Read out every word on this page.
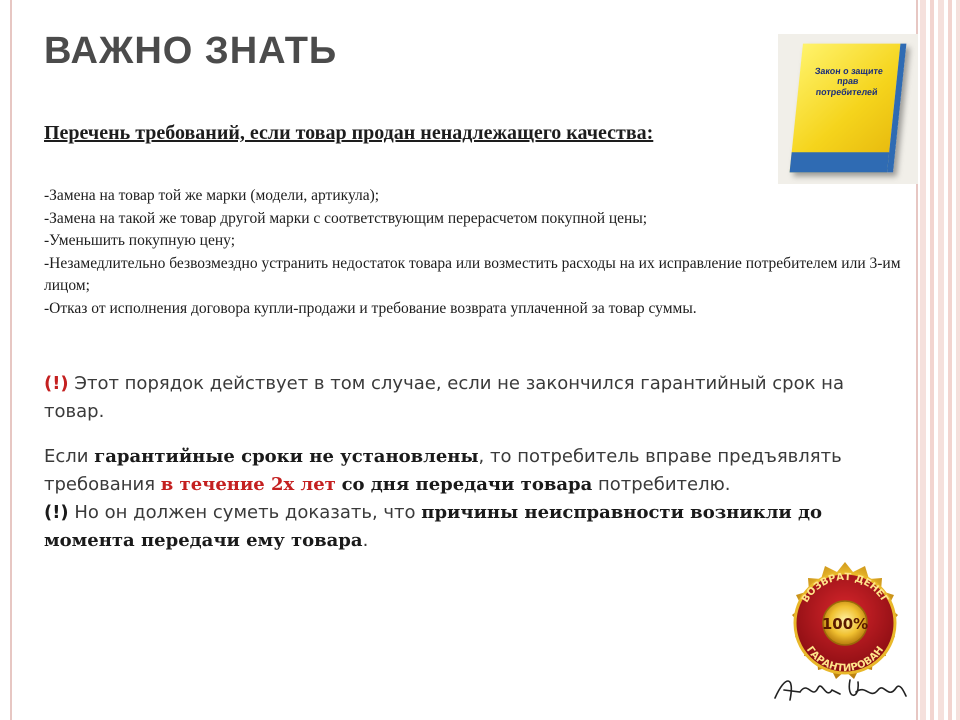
ВАЖНО ЗНАТЬ	Закон о защите прав потребителей
Перечень требований, если товар продан ненадлежащего качества:
-Замена на товар той же марки (модели, артикула);
-Замена на такой же товар другой марки с соответствующим перерасчетом покупной цены;
-Уменьшить покупную цену;
-Незамедлительно безвозмездно устранить недостаток товара или возместить расходы на их исправление потребителем или 3-им лицом;
-Отказ от исполнения договора купли-продажи и требование возврата уплаченной за товар суммы.
(!) Этот порядок действует в том случае, если не закончился гарантийный срок на товар.
Если гарантийные сроки не установлены, то потребитель вправе предъявлять требования в течение 2х лет со дня передачи товара потребителю.
(!) Но он должен суметь доказать, что причины неисправности возникли до момента передачи ему товара.
ВОЗВРАТ ДЕНЕГ
ГАРАНТИРОВАН
100%
